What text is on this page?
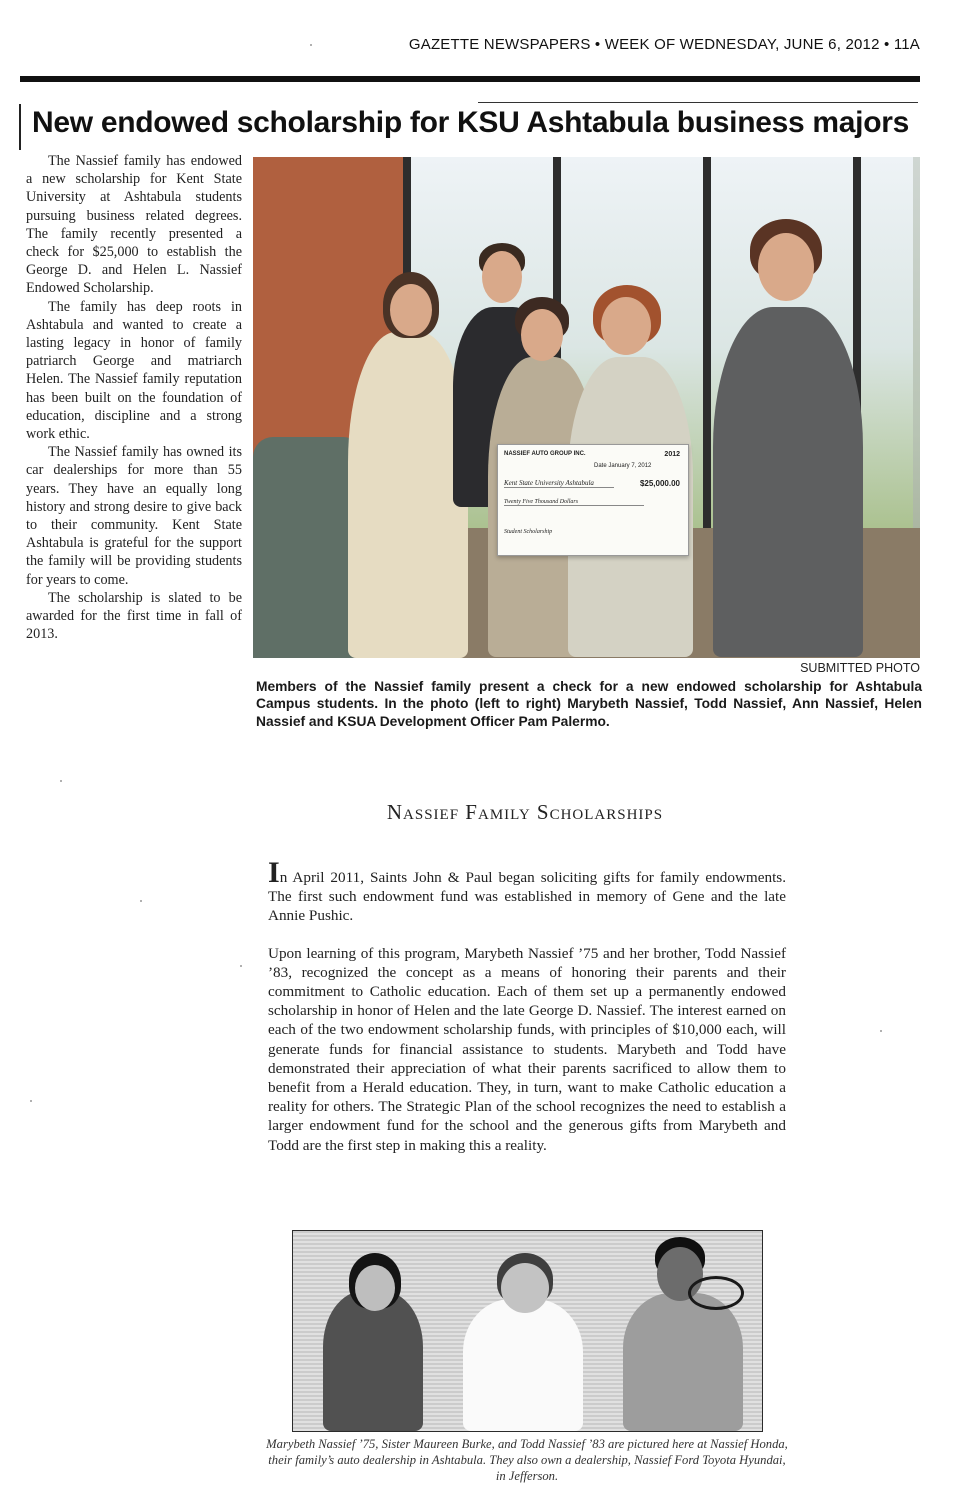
GAZETTE NEWSPAPERS • WEEK OF WEDNESDAY, JUNE 6, 2012 • 11A
New endowed scholarship for KSU Ashtabula business majors

The Nassief family has endowed a new scholarship for Kent State University at Ashtabula students pursuing business related degrees. The family recently presented a check for $25,000 to establish the George D. and Helen L. Nassief Endowed Scholarship.

The family has deep roots in Ashtabula and wanted to create a lasting legacy in honor of family patriarch George and matriarch Helen. The Nassief family reputation has been built on the foundation of education, discipline and a strong work ethic.

The Nassief family has owned its car dealerships for more than 55 years. They have an equally long history and strong desire to give back to their community. Kent State Ashtabula is grateful for the support the family will be providing students for years to come.

The scholarship is slated to be awarded for the first time in fall of 2013.

NASSIEF AUTO GROUP INC.	2012
Date January 7, 2012
Kent State University Ashtabula	$25,000.00
Twenty Five Thousand Dollars
Student Scholarship
SUBMITTED PHOTO
Members of the Nassief family present a check for a new endowed scholarship for Ashtabula Campus students. In the photo (left to right) Marybeth Nassief, Todd Nassief, Ann Nassief, Helen Nassief and KSUA Development Officer Pam Palermo.
Nassief Family Scholarships

In April 2011, Saints John & Paul began soliciting gifts for family endowments. The first such endowment fund was established in memory of Gene and the late Annie Pushic.

Upon learning of this program, Marybeth Nassief ’75 and her brother, Todd Nassief ’83, recognized the concept as a means of honoring their parents and their commitment to Catholic education. Each of them set up a permanently endowed scholarship in honor of Helen and the late George D. Nassief. The interest earned on each of the two endowment scholarship funds, with principles of $10,000 each, will generate funds for financial assistance to students. Marybeth and Todd have demonstrated their appreciation of what their parents sacrificed to allow them to benefit from a Herald education. They, in turn, want to make Catholic education a reality for others. The Strategic Plan of the school recognizes the need to establish a larger endowment fund for the school and the generous gifts from Marybeth and Todd are the first step in making this a reality.

Marybeth Nassief ’75, Sister Maureen Burke, and Todd Nassief ’83 are pictured here at Nassief Honda, their family’s auto dealership in Ashtabula. They also own a dealership, Nassief Ford Toyota Hyundai, in Jefferson.
